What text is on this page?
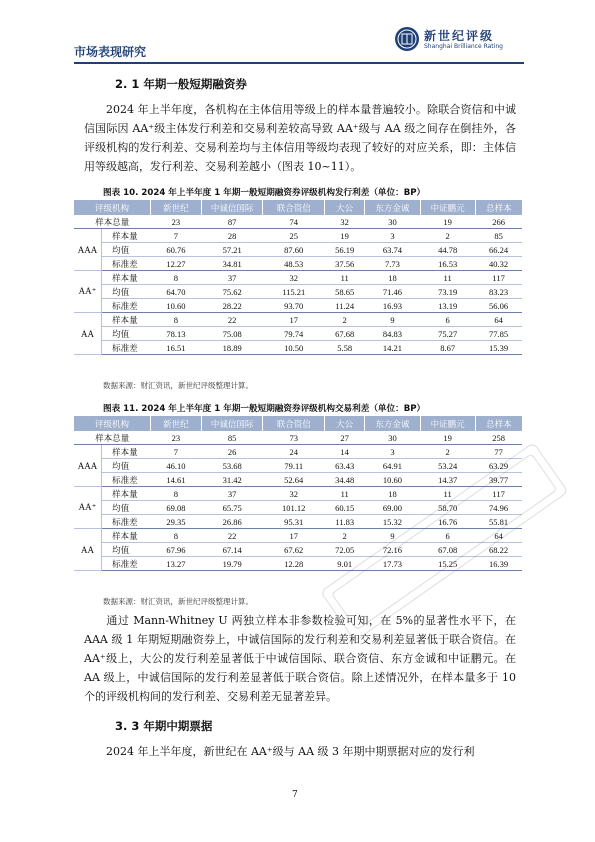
市场表现研究
新世纪评级
Shanghai Brilliance Rating
2. 1 年期一般短期融资券
2024 年上半年度，各机构在主体信用等级上的样本量普遍较小。除联合资信和中诚信国际因 AA⁺级主体发行利差和交易利差较高导致 AA⁺级与 AA 级之间存在倒挂外，各评级机构的发行利差、交易利差均与主体信用等级均表现了较好的对应关系，即：主体信用等级越高，发行利差、交易利差越小（图表 10~11）。
图表 10. 2024 年上半年度 1 年期一般短期融资券评级机构发行利差（单位：BP）
评级机构		新世纪	中诚信国际	联合资信	大公	东方金诚	中证鹏元	总样本
样本总量		23	87	74	32	30	19	266
AAA	样本量	7	28	25	19	3	2	85
	均值	60.76	57.21	87.60	56.19	63.74	44.78	66.24
	标准差	12.27	34.81	48.53	37.56	7.73	16.53	40.32
AA⁺	样本量	8	37	32	11	18	11	117
	均值	64.70	75.62	115.21	58.65	71.46	73.19	83.23
	标准差	10.60	28.22	93.70	11.24	16.93	13.19	56.06
AA	样本量	8	22	17	2	9	6	64
	均值	78.13	75.08	79.74	67.68	84.83	75.27	77.85
	标准差	16.51	18.89	10.50	5.58	14.21	8.67	15.39
数据来源：财汇资讯，新世纪评级整理计算。
图表 11. 2024 年上半年度 1 年期一般短期融资券评级机构交易利差（单位：BP）
评级机构		新世纪	中诚信国际	联合资信	大公	东方金诚	中证鹏元	总样本
样本总量		23	85	73	27	30	19	258
AAA	样本量	7	26	24	14	3	2	77
	均值	46.10	53.68	79.11	63.43	64.91	53.24	63.29
	标准差	14.61	31.42	52.64	34.48	10.60	14.37	39.77
AA⁺	样本量	8	37	32	11	18	11	117
	均值	69.08	65.75	101.12	60.15	69.00	58.70	74.96
	标准差	29.35	26.86	95.31	11.83	15.32	16.76	55.81
AA	样本量	8	22	17	2	9	6	64
	均值	67.96	67.14	67.62	72.05	72.16	67.08	68.22
	标准差	13.27	19.79	12.28	9.01	17.73	15.25	16.39
数据来源：财汇资讯，新世纪评级整理计算。
通过 Mann-Whitney U 两独立样本非参数检验可知，在 5%的显著性水平下，在 AAA 级 1 年期短期融资券上，中诚信国际的发行利差和交易利差显著低于联合资信。在 AA⁺级上，大公的发行利差显著低于中诚信国际、联合资信、东方金诚和中证鹏元。在 AA 级上，中诚信国际的发行利差显著低于联合资信。除上述情况外，在样本量多于 10 个的评级机构间的发行利差、交易利差无显著差异。
3. 3 年期中期票据
2024 年上半年度，新世纪在 AA⁺级与 AA 级 3 年期中期票据对应的发行利
7
